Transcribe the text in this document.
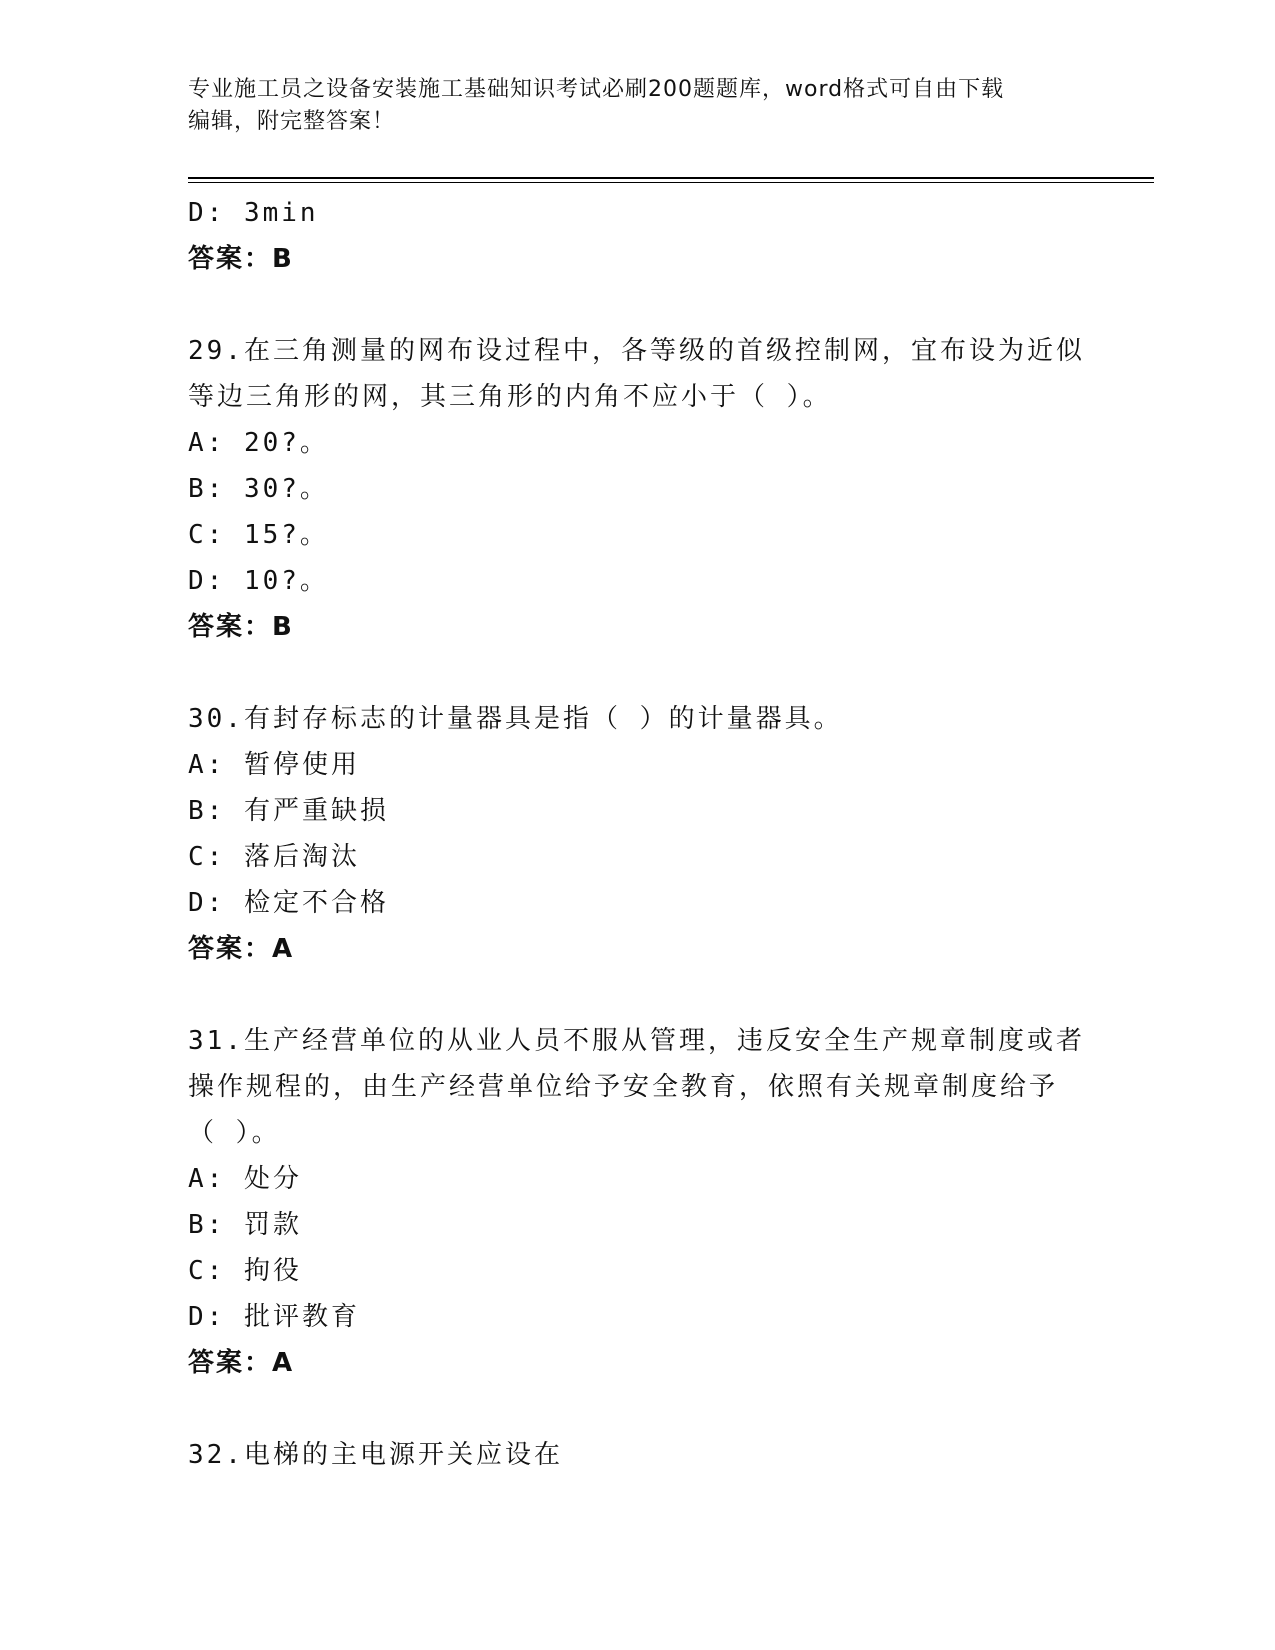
专业施工员之设备安装施工基础知识考试必刷200题题库，word格式可自由下载
编辑，附完整答案！
D: 3min
答案：B
29.在三角测量的网布设过程中，各等级的首级控制网，宜布设为近似
等边三角形的网，其三角形的内角不应小于（ ）。
A: 20?。
B: 30?。
C: 15?。
D: 10?。
答案：B
30.有封存标志的计量器具是指（ ）的计量器具。
A: 暂停使用
B: 有严重缺损
C: 落后淘汰
D: 检定不合格
答案：A
31.生产经营单位的从业人员不服从管理，违反安全生产规章制度或者
操作规程的，由生产经营单位给予安全教育，依照有关规章制度给予
（ ）。
A: 处分
B: 罚款
C: 拘役
D: 批评教育
答案：A
32.电梯的主电源开关应设在
